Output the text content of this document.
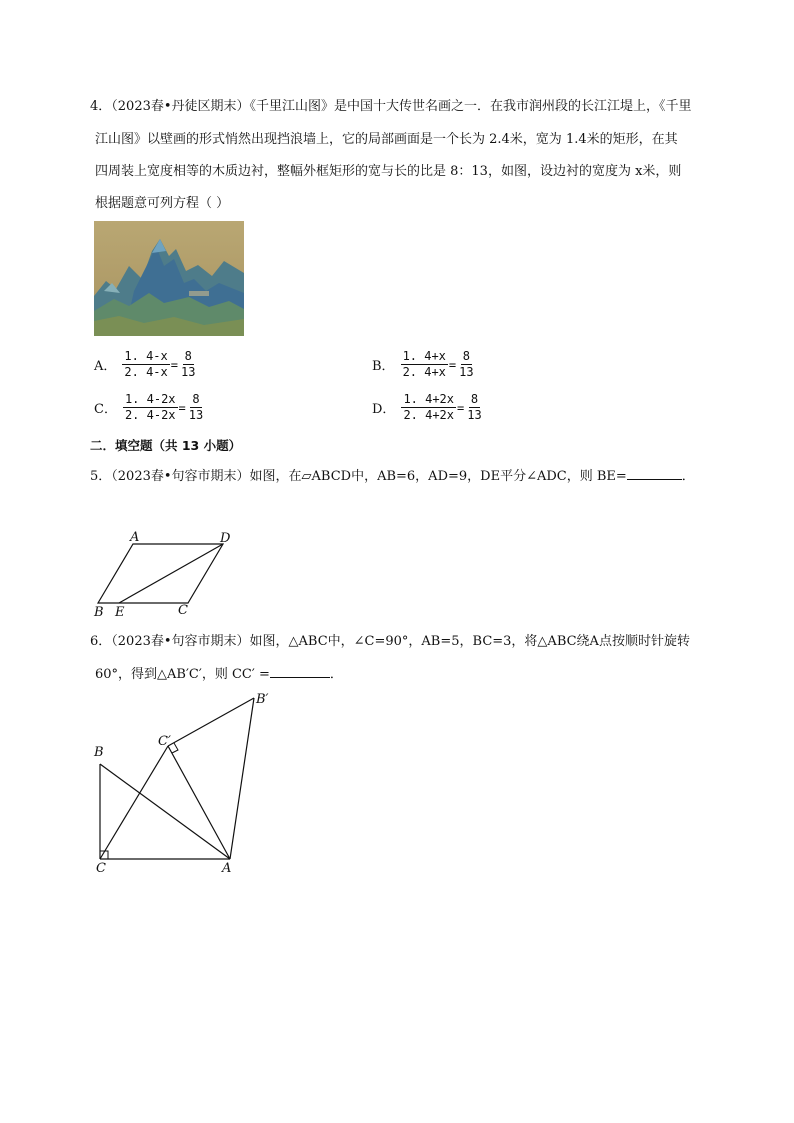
4．（2023春•丹徒区期末）《千里江山图》是中国十大传世名画之一．在我市润州段的长江江堤上，《千里
江山图》以壁画的形式悄然出现挡浪墙上，它的局部画面是一个长为 2.4米，宽为 1.4米的矩形，在其
四周装上宽度相等的木质边衬，整幅外框矩形的宽与长的比是 8：13，如图，设边衬的宽度为 x米，则
根据题意可列方程（ ）
A． $\frac{1. 4-x}{2. 4-x} = \frac{8}{13}$	B． $\frac{1. 4+x}{2. 4+x} = \frac{8}{13}$
C． $\frac{1. 4-2x}{2. 4-2x} = \frac{8}{13}$	D． $\frac{1. 4+2x}{2. 4+2x} = \frac{8}{13}$
二．填空题（共 13 小题）
5．（2023春•句容市期末）如图，在▱ABCD中，AB=6，AD=9，DE平分∠ADC，则 BE=	．
A	D
B E	C
6．（2023春•句容市期末）如图，△ABC中，∠C=90°，AB=5，BC=3，将△ABC绕A点按顺时针旋转
60°，得到△AB′C′，则 CC′ =	．
B
C	A
C′
B′
